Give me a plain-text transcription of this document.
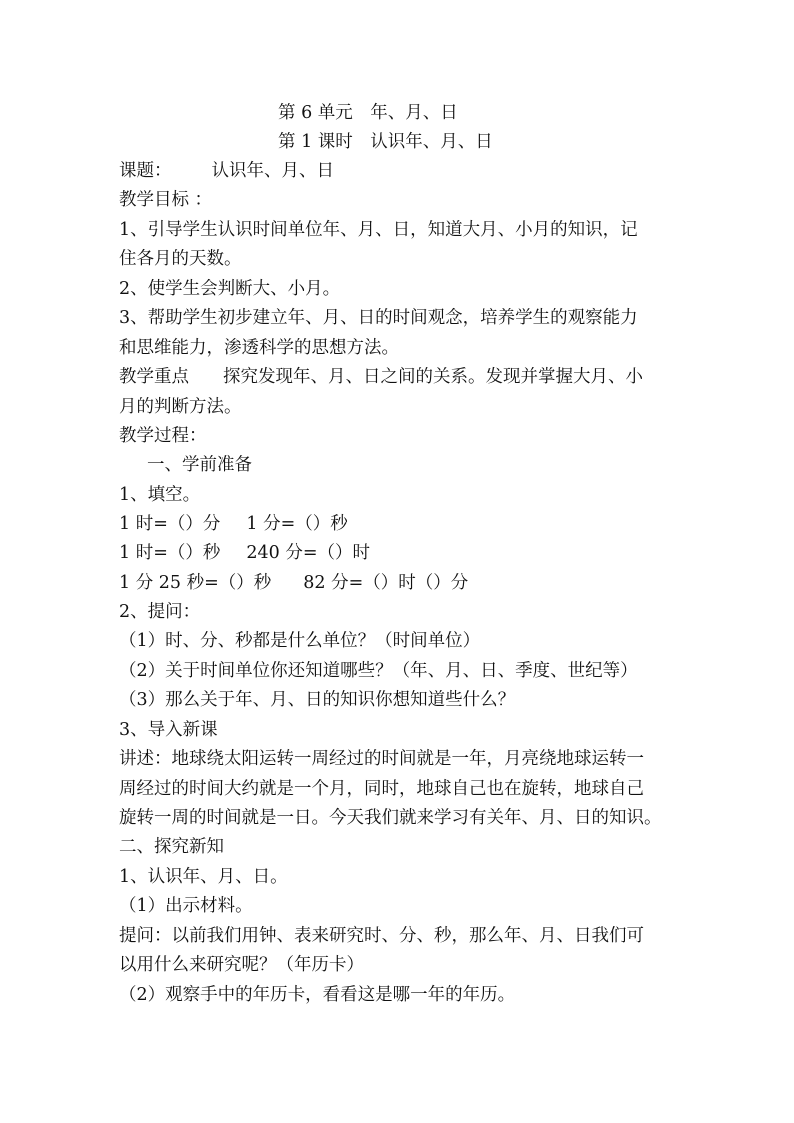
第 6 单元　年、月、日
第 1 课时　认识年、月、日
课题： 认识年、月、日
教学目标 ：
1、引导学生认识时间单位年、月、日，知道大月、小月的知识，记
住各月的天数。
2、使学生会判断大、小月。
3、帮助学生初步建立年、月、日的时间观念，培养学生的观察能力
和思维能力，渗透科学的思想方法。
教学重点 探究发现年、月、日之间的关系。发现并掌握大月、小
月的判断方法。
教学过程：
一、学前准备
1、填空。
1 时=（）分 1 分=（）秒
1 时=（）秒 240 分=（）时
1 分 25 秒=（）秒 82 分=（）时（）分
2、提问：
（1）时、分、秒都是什么单位？（时间单位）
（2）关于时间单位你还知道哪些？（年、月、日、季度、世纪等）
（3）那么关于年、月、日的知识你想知道些什么？
3、导入新课
讲述：地球绕太阳运转一周经过的时间就是一年，月亮绕地球运转一
周经过的时间大约就是一个月，同时，地球自己也在旋转，地球自己
旋转一周的时间就是一日。今天我们就来学习有关年、月、日的知识。
二、探究新知
1、认识年、月、日。
（1）出示材料。
提问：以前我们用钟、表来研究时、分、秒，那么年、月、日我们可
以用什么来研究呢？（年历卡）
（2）观察手中的年历卡，看看这是哪一年的年历。
